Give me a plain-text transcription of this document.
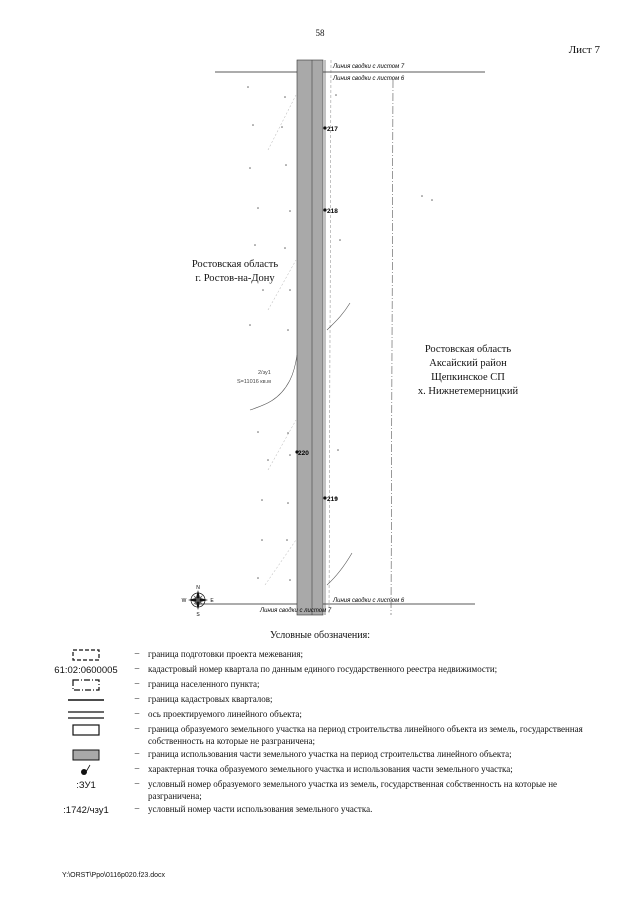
58
Лист 7
Линия сводки с листом 7
Линия сводки с листом 6
Линия сводки с листом 6
Линия сводки с листом 7
217
218
220
219
2/зу1
S=11016 кв.м
N
S
W	E
Ростовская область
г. Ростов-на-Дону
Ростовская область
Аксайский район
Щепкинское СП
х. Нижнетемерницкий
Условные обозначения:
– граница подготовки проекта межевания;
61:02:0600005	– кадастровый номер квартала по данным единого государственного реестра недвижимости;
– граница населенного пункта;
– граница кадастровых кварталов;
– ось проектируемого линейного объекта;
– граница образуемого земельного участка на период строительства линейного объекта из земель, государственная собственность на которые не разграничена;
– граница использования части земельного участка на период строительства линейного объекта;
– характерная точка образуемого земельного участка и использования части земельного участка;
:ЗУ1	– условный номер образуемого земельного участка из земель, государственная собственность на которые не разграничена;
:1742/чзу1	– условный номер части использования земельного участка.
Y:\ORST\Ppo\0116p020.f23.docx
